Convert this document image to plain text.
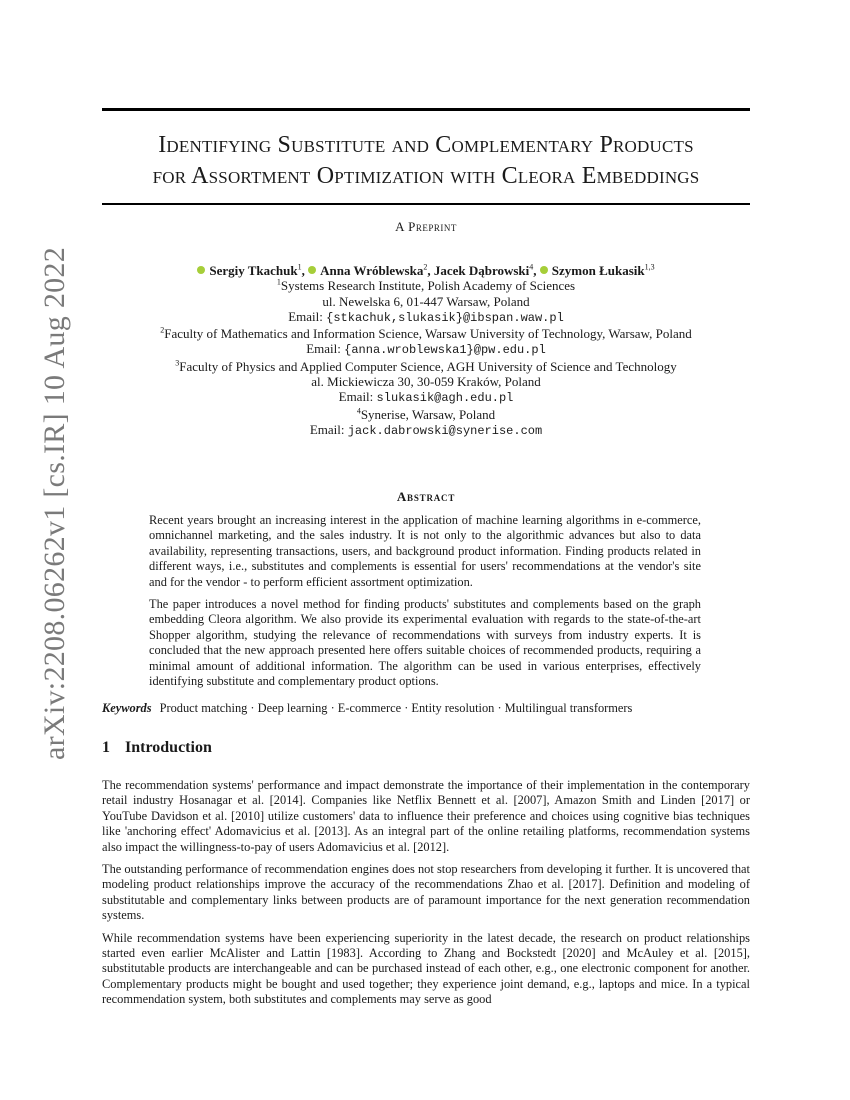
arXiv:2208.06262v1 [cs.IR] 10 Aug 2022
Identifying Substitute and Complementary Products
for Assortment Optimization with Cleora Embeddings
A Preprint
Sergiy Tkachuk$^1$, Anna Wróblewska$^2$, Jacek Dąbrowski$^4$, Szymon Łukasik$^{1,3}$
$^1$Systems Research Institute, Polish Academy of Sciences
ul. Newelska 6, 01-447 Warsaw, Poland
Email: {stkachuk,slukasik}@ibspan.waw.pl
$^2$Faculty of Mathematics and Information Science, Warsaw University of Technology, Warsaw, Poland
Email: {anna.wroblewska1}@pw.edu.pl
$^3$Faculty of Physics and Applied Computer Science, AGH University of Science and Technology
al. Mickiewicza 30, 30-059 Kraków, Poland
Email: slukasik@agh.edu.pl
$^4$Synerise, Warsaw, Poland
Email: jack.dabrowski@synerise.com
Abstract

Recent years brought an increasing interest in the application of machine learning algorithms in e-commerce, omnichannel marketing, and the sales industry. It is not only to the algorithmic advances but also to data availability, representing transactions, users, and background product information. Finding products related in different ways, i.e., substitutes and complements is essential for users' recommendations at the vendor's site and for the vendor - to perform efficient assortment optimization.

The paper introduces a novel method for finding products' substitutes and complements based on the graph embedding Cleora algorithm. We also provide its experimental evaluation with regards to the state-of-the-art Shopper algorithm, studying the relevance of recommendations with surveys from industry experts. It is concluded that the new approach presented here offers suitable choices of recommended products, requiring a minimal amount of additional information. The algorithm can be used in various enterprises, effectively identifying substitute and complementary product options.

Keywords Product matching · Deep learning · E-commerce · Entity resolution · Multilingual transformers
1 Introduction

The recommendation systems' performance and impact demonstrate the importance of their implementation in the contemporary retail industry Hosanagar et al. [2014]. Companies like Netflix Bennett et al. [2007], Amazon Smith and Linden [2017] or YouTube Davidson et al. [2010] utilize customers' data to influence their preference and choices using cognitive bias techniques like 'anchoring effect' Adomavicius et al. [2013]. As an integral part of the online retailing platforms, recommendation systems also impact the willingness-to-pay of users Adomavicius et al. [2012].

The outstanding performance of recommendation engines does not stop researchers from developing it further. It is uncovered that modeling product relationships improve the accuracy of the recommendations Zhao et al. [2017]. Definition and modeling of substitutable and complementary links between products are of paramount importance for the next generation recommendation systems.

While recommendation systems have been experiencing superiority in the latest decade, the research on product relationships started even earlier McAlister and Lattin [1983]. According to Zhang and Bockstedt [2020] and McAuley et al. [2015], substitutable products are interchangeable and can be purchased instead of each other, e.g., one electronic component for another. Complementary products might be bought and used together; they experience joint demand, e.g., laptops and mice. In a typical recommendation system, both substitutes and complements may serve as good
